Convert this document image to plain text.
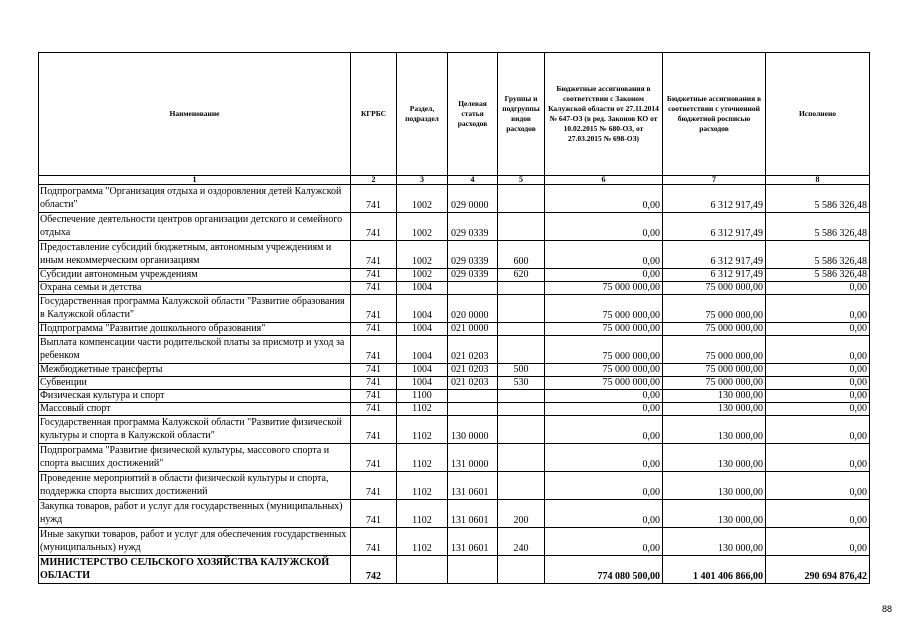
Наименование	КГРБС	Раздел, подраздел	Целевая статья расходов	Группы и подгруппы видов расходов	Бюджетные ассигнования в соответствии с Законом Калужской области от 27.11.2014 № 647-ОЗ (в ред. Законов КО от 10.02.2015 № 680-ОЗ, от 27.03.2015 № 698-ОЗ)	Бюджетные ассигнования в соответствии с уточненной бюджетной росписью расходов	Исполнено
1	2	3	4	5	6	7	8
Подпрограмма "Организация отдыха и оздоровления детей Калужской области"	741	1002	029 0000		0,00	6 312 917,49	5 586 326,48
Обеспечение деятельности центров организации детского и семейного отдыха	741	1002	029 0339		0,00	6 312 917,49	5 586 326,48
Предоставление субсидий бюджетным, автономным учреждениям и иным некоммерческим организациям	741	1002	029 0339	600	0,00	6 312 917,49	5 586 326,48
Субсидии автономным учреждениям	741	1002	029 0339	620	0,00	6 312 917,49	5 586 326,48
Охрана семьи и детства	741	1004			75 000 000,00	75 000 000,00	0,00
Государственная программа Калужской области "Развитие образования в Калужской области"	741	1004	020 0000		75 000 000,00	75 000 000,00	0,00
Подпрограмма "Развитие дошкольного образования"	741	1004	021 0000		75 000 000,00	75 000 000,00	0,00
Выплата компенсации части родительской платы за присмотр и уход за ребенком	741	1004	021 0203		75 000 000,00	75 000 000,00	0,00
Межбюджетные трансферты	741	1004	021 0203	500	75 000 000,00	75 000 000,00	0,00
Субвенции	741	1004	021 0203	530	75 000 000,00	75 000 000,00	0,00
Физическая культура и спорт	741	1100			0,00	130 000,00	0,00
Массовый спорт	741	1102			0,00	130 000,00	0,00
Государственная программа Калужской области "Развитие физической культуры и спорта в Калужской области"	741	1102	130 0000		0,00	130 000,00	0,00
Подпрограмма "Развитие физической культуры, массового спорта и спорта высших достижений"	741	1102	131 0000		0,00	130 000,00	0,00
Проведение мероприятий в области физической культуры и спорта, поддержка спорта высших достижений	741	1102	131 0601		0,00	130 000,00	0,00
Закупка товаров, работ и услуг для государственных (муниципальных) нужд	741	1102	131 0601	200	0,00	130 000,00	0,00
Иные закупки товаров, работ и услуг для обеспечения государственных (муниципальных) нужд	741	1102	131 0601	240	0,00	130 000,00	0,00
МИНИСТЕРСТВО СЕЛЬСКОГО ХОЗЯЙСТВА КАЛУЖСКОЙ ОБЛАСТИ	742				774 080 500,00	1 401 406 866,00	290 694 876,42
88
